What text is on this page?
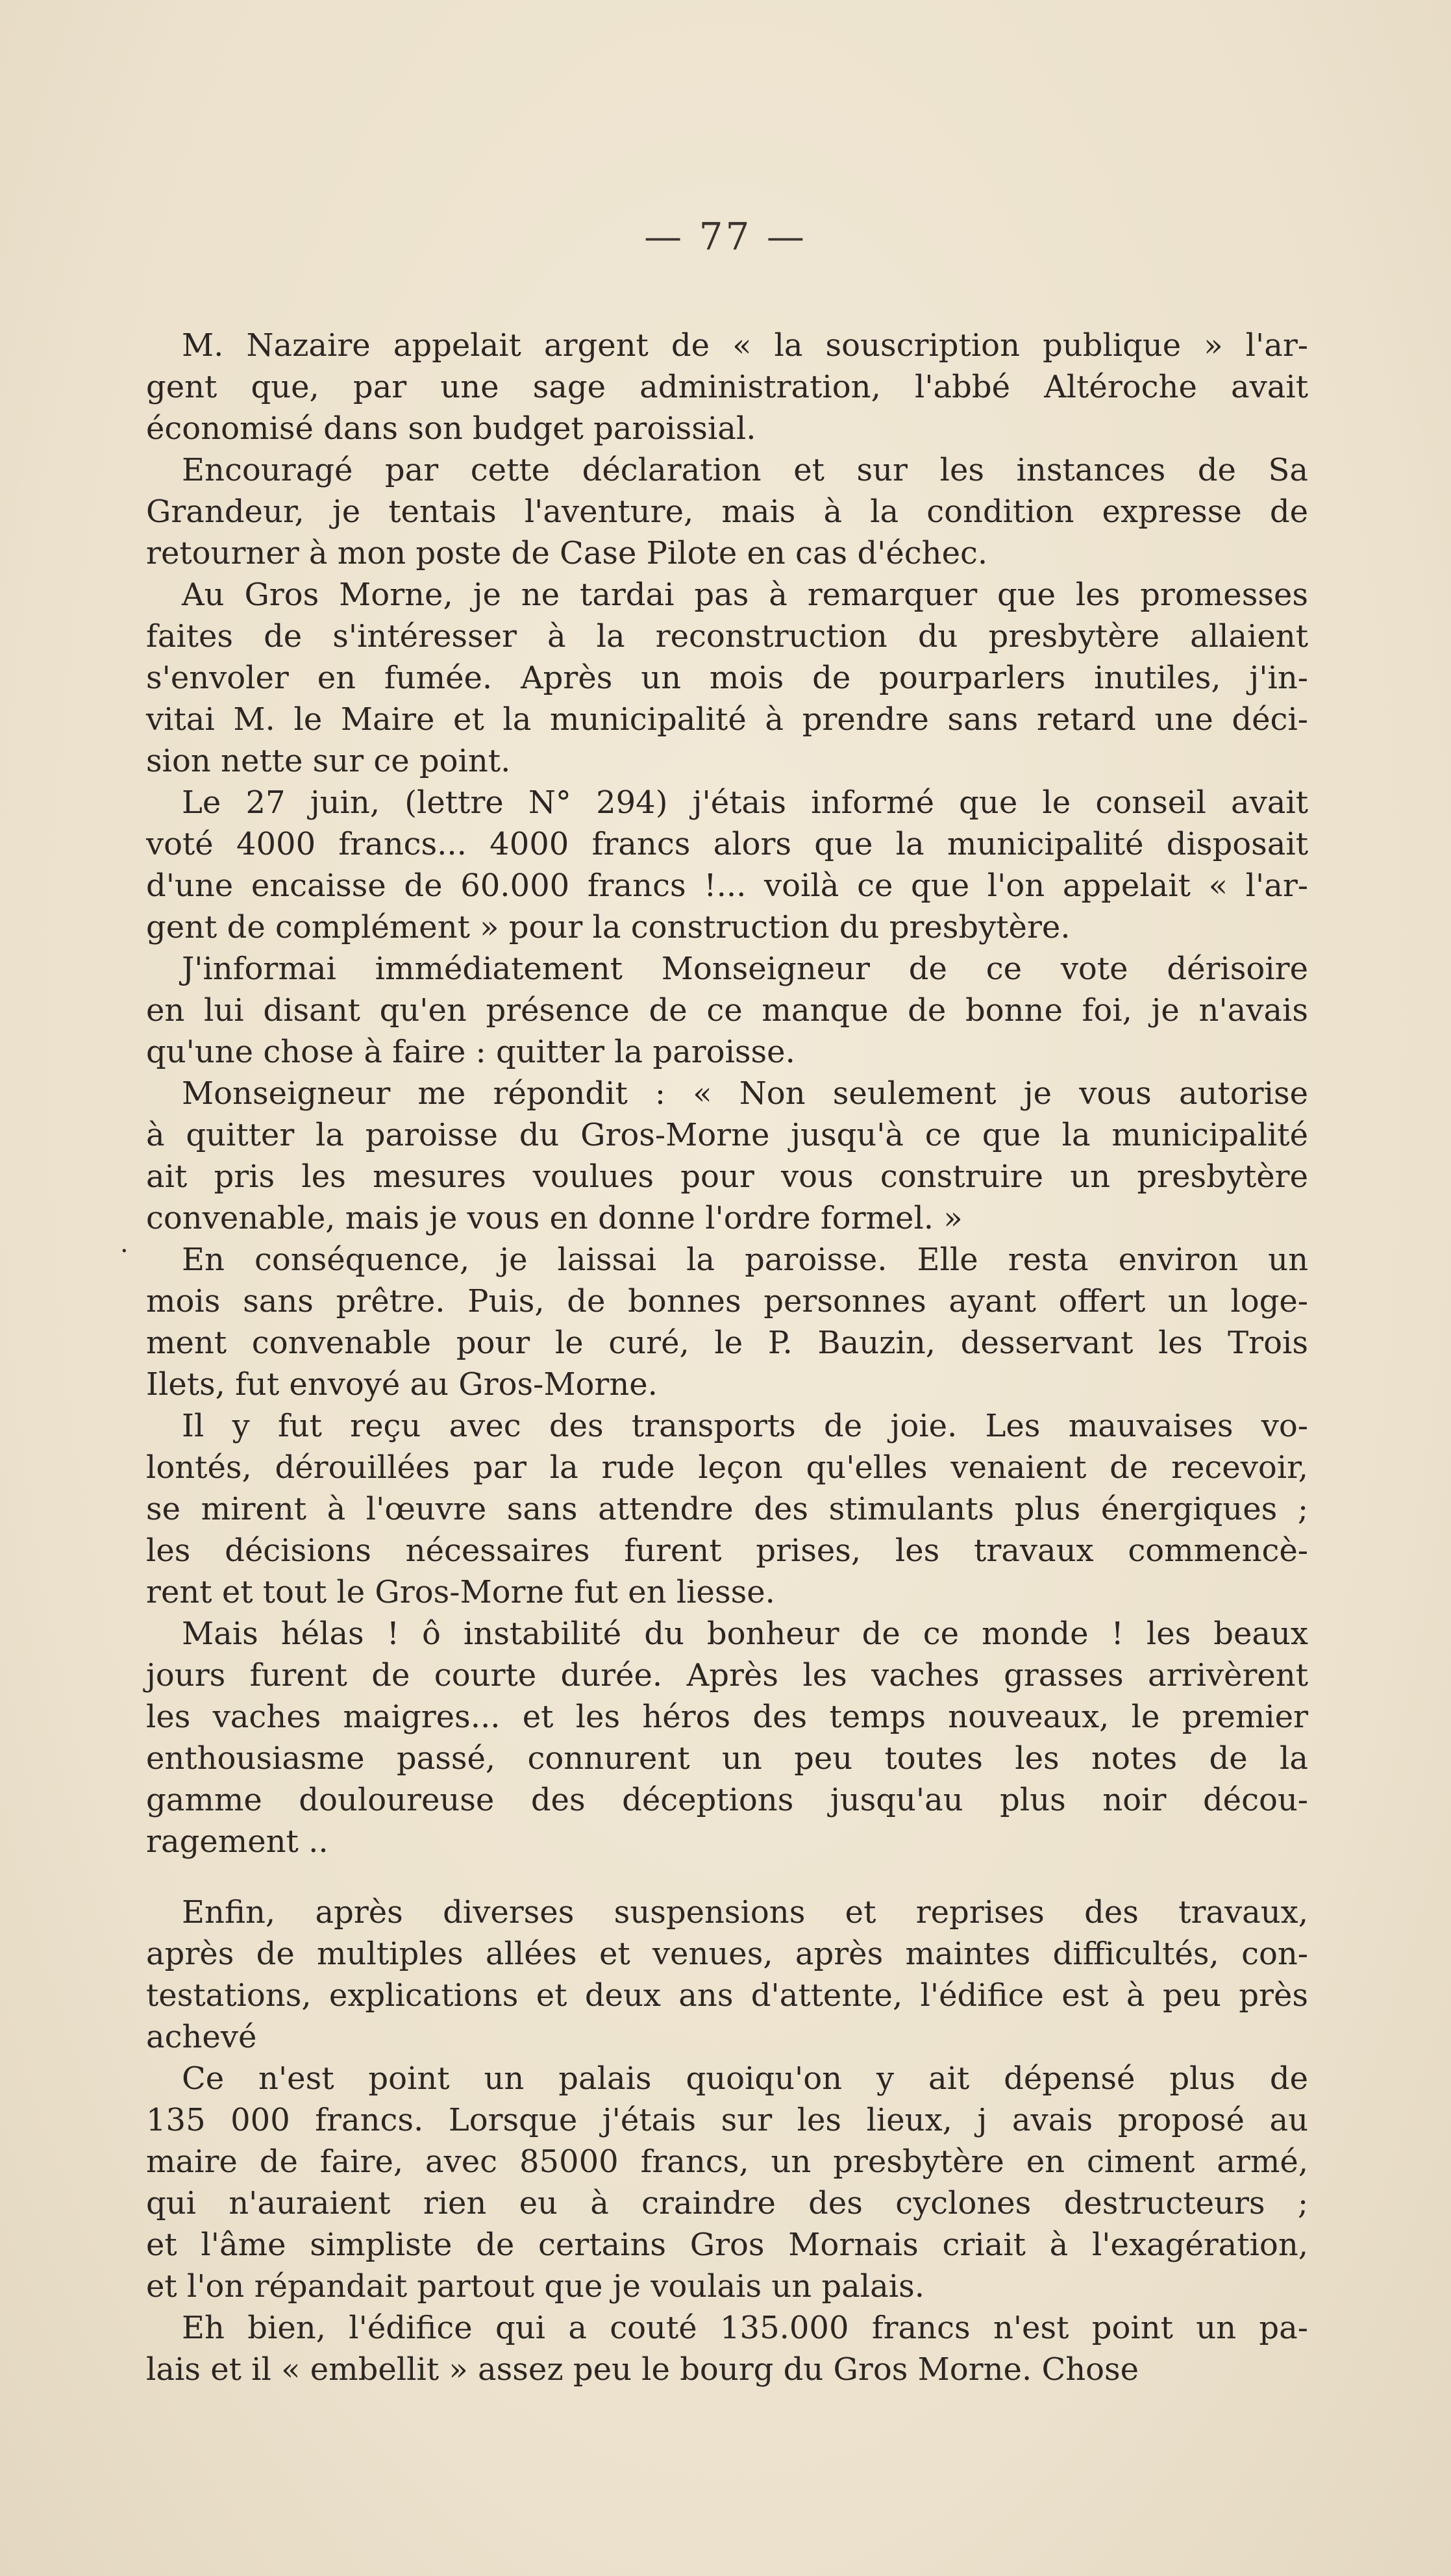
— 77 —
·
M. Nazaire appelait argent de « la souscription publique » l'ar-
gent que, par une sage administration, l'abbé Altéroche avait
économisé dans son budget paroissial.
Encouragé par cette déclaration et sur les instances de Sa
Grandeur, je tentais l'aventure, mais à la condition expresse de
retourner à mon poste de Case Pilote en cas d'échec.
Au Gros Morne, je ne tardai pas à remarquer que les promesses
faites de s'intéresser à la reconstruction du presbytère allaient
s'envoler en fumée. Après un mois de pourparlers inutiles, j'in-
vitai M. le Maire et la municipalité à prendre sans retard une déci-
sion nette sur ce point.
Le 27 juin, (lettre N° 294) j'étais informé que le conseil avait
voté 4000 francs... 4000 francs alors que la municipalité disposait
d'une encaisse de 60.000 francs !... voilà ce que l'on appelait « l'ar-
gent de complément » pour la construction du presbytère.
J'informai immédiatement Monseigneur de ce vote dérisoire
en lui disant qu'en présence de ce manque de bonne foi, je n'avais
qu'une chose à faire : quitter la paroisse.
Monseigneur me répondit : « Non seulement je vous autorise
à quitter la paroisse du Gros-Morne jusqu'à ce que la municipalité
ait pris les mesures voulues pour vous construire un presbytère
convenable, mais je vous en donne l'ordre formel. »
En conséquence, je laissai la paroisse. Elle resta environ un
mois sans prêtre. Puis, de bonnes personnes ayant offert un loge-
ment convenable pour le curé, le P. Bauzin, desservant les Trois
Ilets, fut envoyé au Gros-Morne.
Il y fut reçu avec des transports de joie. Les mauvaises vo-
lontés, dérouillées par la rude leçon qu'elles venaient de recevoir,
se mirent à l'œuvre sans attendre des stimulants plus énergiques ;
les décisions nécessaires furent prises, les travaux commencè-
rent et tout le Gros-Morne fut en liesse.
Mais hélas ! ô instabilité du bonheur de ce monde ! les beaux
jours furent de courte durée. Après les vaches grasses arrivèrent
les vaches maigres... et les héros des temps nouveaux, le premier
enthousiasme passé, connurent un peu toutes les notes de la
gamme douloureuse des déceptions jusqu'au plus noir décou-
ragement ..
Enfin, après diverses suspensions et reprises des travaux,
après de multiples allées et venues, après maintes difficultés, con-
testations, explications et deux ans d'attente, l'édifice est à peu près
achevé
Ce n'est point un palais quoiqu'on y ait dépensé plus de
135 000 francs. Lorsque j'étais sur les lieux, j avais proposé au
maire de faire, avec 85000 francs, un presbytère en ciment armé,
qui n'auraient rien eu à craindre des cyclones destructeurs ;
et l'âme simpliste de certains Gros Mornais criait à l'exagération,
et l'on répandait partout que je voulais un palais.
Eh bien, l'édifice qui a couté 135.000 francs n'est point un pa-
lais et il « embellit » assez peu le bourg du Gros Morne. Chose
